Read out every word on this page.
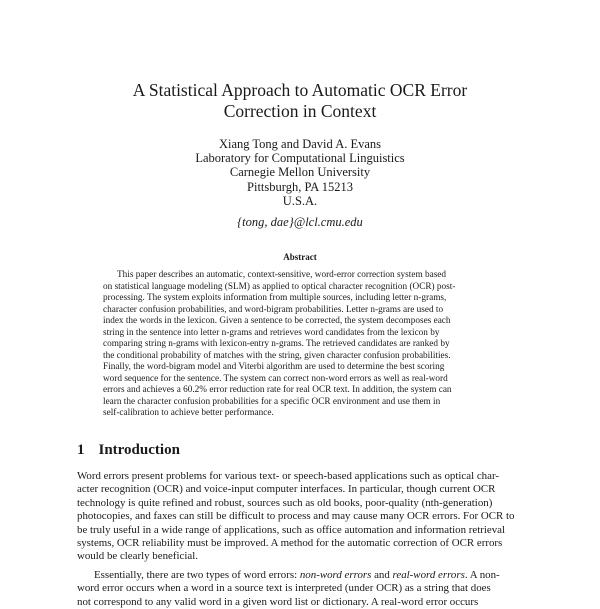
A Statistical Approach to Automatic OCR Error
Correction in Context
Xiang Tong and David A. Evans
Laboratory for Computational Linguistics
Carnegie Mellon University
Pittsburgh, PA 15213
U.S.A.
{tong, dae}@lcl.cmu.edu
Abstract
This paper describes an automatic, context-sensitive, word-error correction system based
on statistical language modeling (SLM) as applied to optical character recognition (OCR) post-
processing. The system exploits information from multiple sources, including letter n-grams,
character confusion probabilities, and word-bigram probabilities. Letter n-grams are used to
index the words in the lexicon. Given a sentence to be corrected, the system decomposes each
string in the sentence into letter n-grams and retrieves word candidates from the lexicon by
comparing string n-grams with lexicon-entry n-grams. The retrieved candidates are ranked by
the conditional probability of matches with the string, given character confusion probabilities.
Finally, the word-bigram model and Viterbi algorithm are used to determine the best scoring
word sequence for the sentence. The system can correct non-word errors as well as real-word
errors and achieves a 60.2% error reduction rate for real OCR text. In addition, the system can
learn the character confusion probabilities for a specific OCR environment and use them in
self-calibration to achieve better performance.
1 Introduction
Word errors present problems for various text- or speech-based applications such as optical char-
acter recognition (OCR) and voice-input computer interfaces. In particular, though current OCR
technology is quite refined and robust, sources such as old books, poor-quality (nth-generation)
photocopies, and faxes can still be difficult to process and may cause many OCR errors. For OCR to
be truly useful in a wide range of applications, such as office automation and information retrieval
systems, OCR reliability must be improved. A method for the automatic correction of OCR errors
would be clearly beneficial.
Essentially, there are two types of word errors: non-word errors and real-word errors. A non-
word error occurs when a word in a source text is interpreted (under OCR) as a string that does
not correspond to any valid word in a given word list or dictionary. A real-word error occurs
